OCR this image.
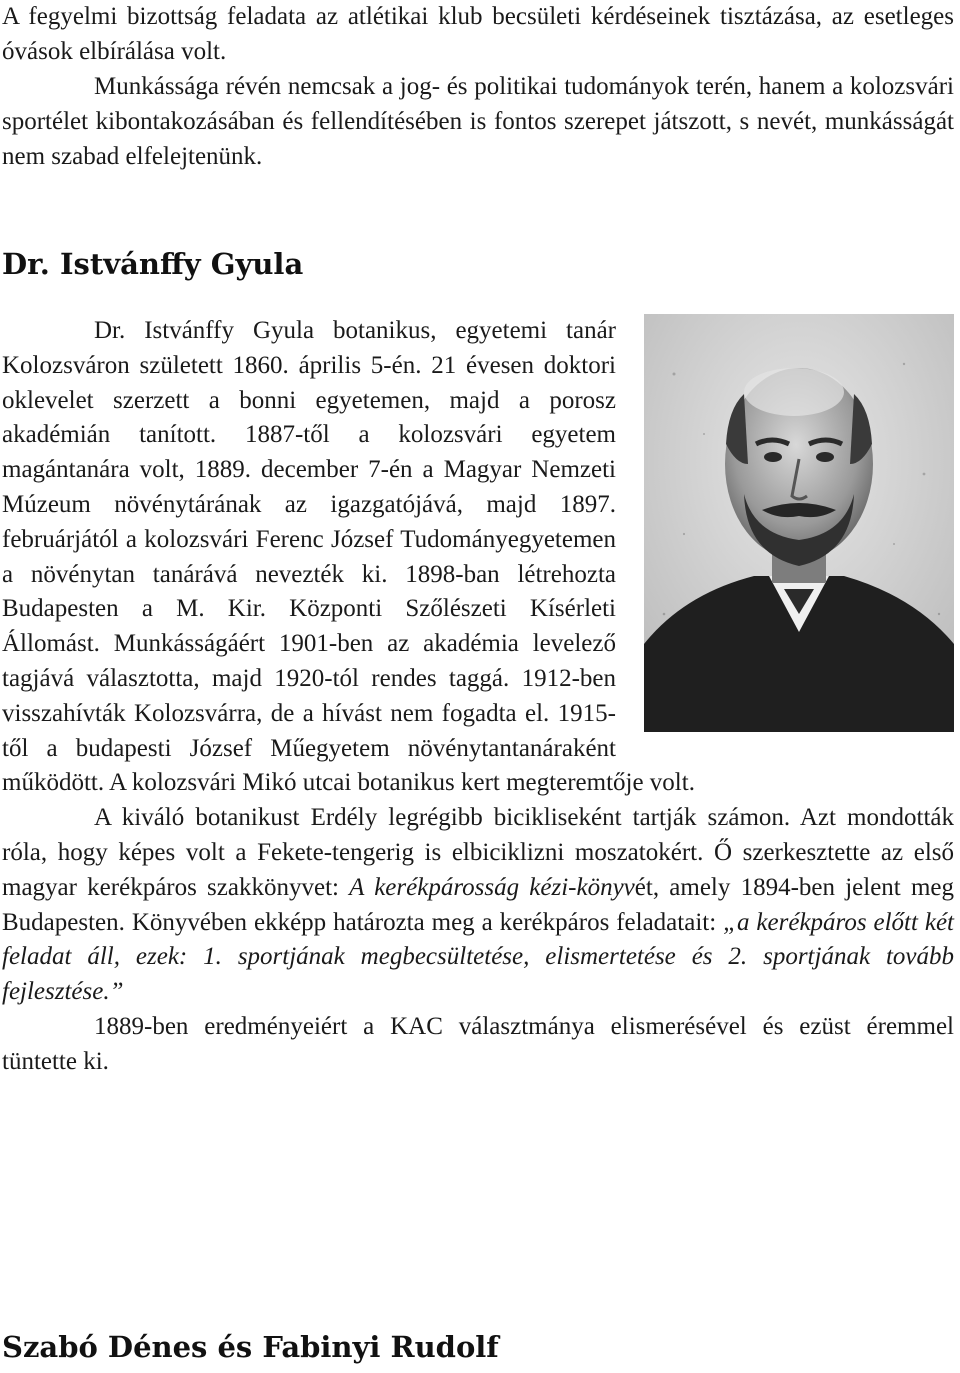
A fegyelmi bizottság feladata az atlétikai klub becsületi kérdéseinek tisztázása, az esetleges óvások elbírálása volt.

Munkássága révén nemcsak a jog- és politikai tudományok terén, hanem a kolozsvári sportélet kibontakozásában és fellendítésében is fontos szerepet játszott, s nevét, munkásságát nem szabad elfelejtenünk.

Dr. Istvánffy Gyula

Dr. Istvánffy Gyula botanikus, egyetemi tanár Kolozsváron született 1860. április 5-én. 21 évesen doktori oklevelet szerzett a bonni egyetemen, majd a porosz akadémián tanított. 1887-től a kolozsvári egyetem magántanára volt, 1889. december 7-én a Magyar Nemzeti Múzeum növénytárának az igazgatójává, majd 1897. februárjától a kolozsvári Ferenc József Tudományegyetemen a növénytan tanárává nevezték ki. 1898-ban létrehozta Budapesten a M. Kir. Központi Szőlészeti Kísérleti Állomást. Munkásságáért 1901-ben az akadémia levelező tagjává választotta, majd 1920-tól rendes taggá. 1912-ben visszahívták Kolozsvárra, de a hívást nem fogadta el. 1915-től a budapesti József Műegyetem növénytantanáraként működött. A kolozsvári Mikó utcai botanikus kert megteremtője volt.

A kiváló botanikust Erdély legrégibb bicikliseként tartják számon. Azt mondották róla, hogy képes volt a Fekete-tengerig is elbiciklizni moszatokért. Ő szerkesztette az első magyar kerékpáros szakkönyvet: A kerékpárosság kézi-könyvét, amely 1894-ben jelent meg Budapesten. Könyvében ekképp határozta meg a kerékpáros feladatait: „a kerékpáros előtt két feladat áll, ezek: 1. sportjának megbecsültetése, elismertetése és 2. sportjának tovább fejlesztése.”

1889-ben eredményeiért a KAC választmánya elismerésével és ezüst éremmel tüntette ki.

Szabó Dénes és Fabinyi Rudolf
